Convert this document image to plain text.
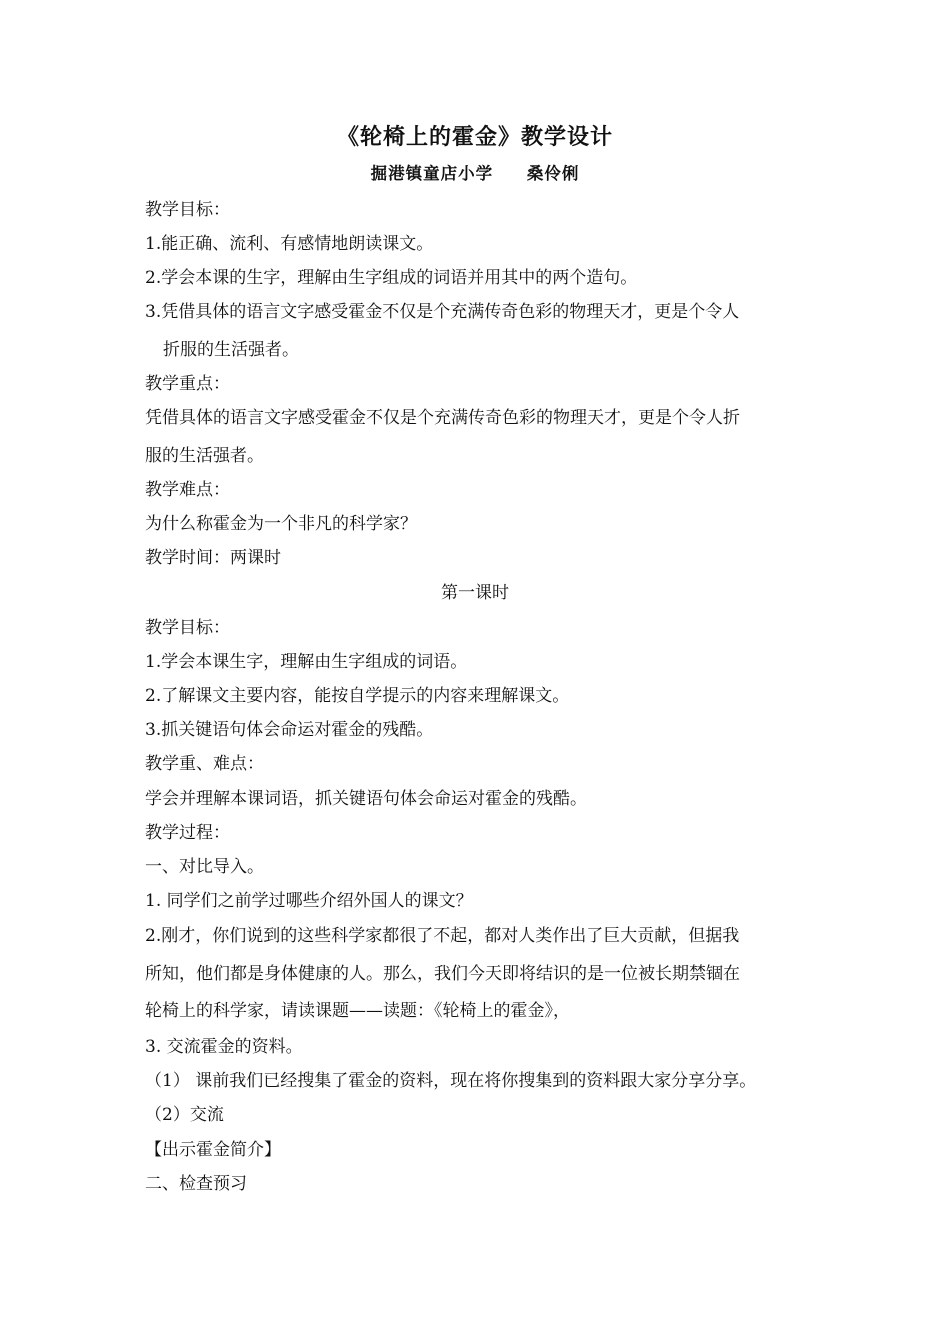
《轮椅上的霍金》教学设计
掘港镇童店小学     桑伶俐
教学目标：
1.能正确、流利、有感情地朗读课文。
2.学会本课的生字，理解由生字组成的词语并用其中的两个造句。
3.凭借具体的语言文字感受霍金不仅是个充满传奇色彩的物理天才，更是个令人
折服的生活强者。
教学重点：
凭借具体的语言文字感受霍金不仅是个充满传奇色彩的物理天才，更是个令人折
服的生活强者。
教学难点：
为什么称霍金为一个非凡的科学家？
教学时间：两课时
第一课时
教学目标：
1.学会本课生字，理解由生字组成的词语。
2.了解课文主要内容，能按自学提示的内容来理解课文。
3.抓关键语句体会命运对霍金的残酷。
教学重、难点：
学会并理解本课词语，抓关键语句体会命运对霍金的残酷。
教学过程：
一、对比导入。
1. 同学们之前学过哪些介绍外国人的课文？
2.刚才，你们说到的这些科学家都很了不起，都对人类作出了巨大贡献，但据我
所知，他们都是身体健康的人。那么，我们今天即将结识的是一位被长期禁锢在
轮椅上的科学家，请读课题——读题：《轮椅上的霍金》，
3. 交流霍金的资料。
（1） 课前我们已经搜集了霍金的资料，现在将你搜集到的资料跟大家分享分享。
（2）交流
【出示霍金简介】
二、检查预习
